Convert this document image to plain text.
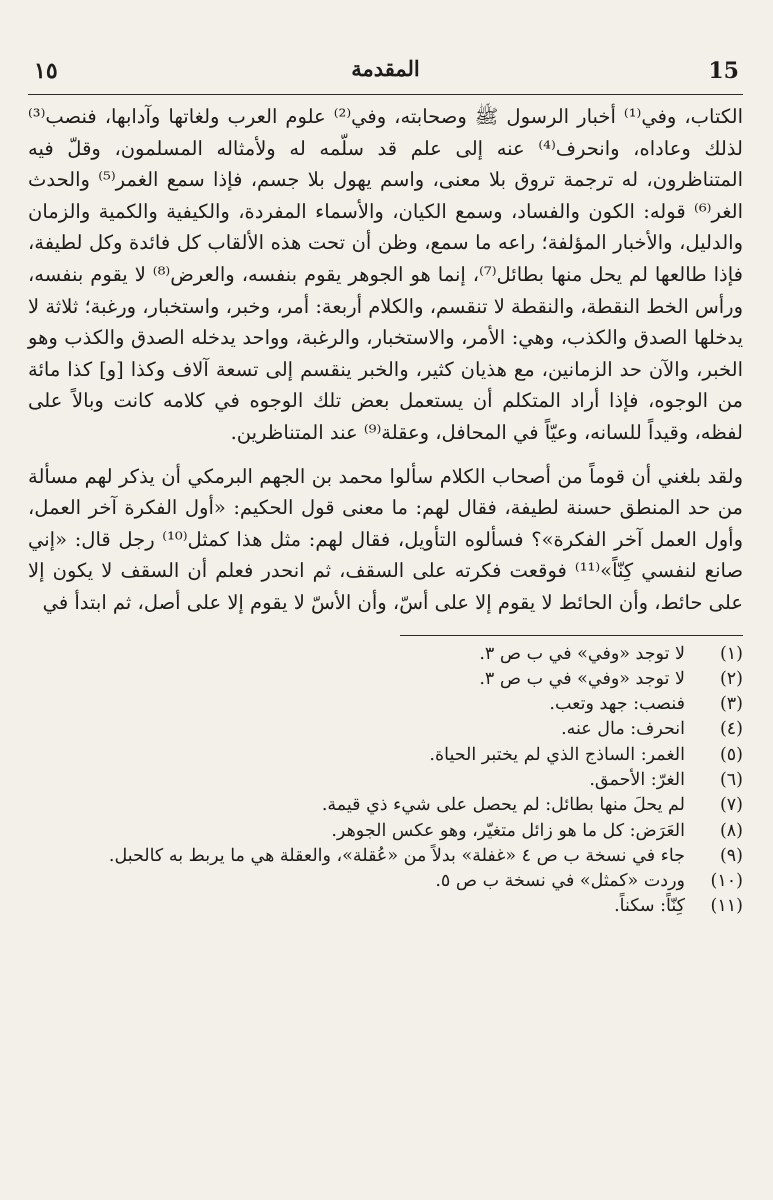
15
المقدمة
١٥

الكتاب، وفي⁽¹⁾ أخبار الرسول ﷺ وصحابته، وفي⁽²⁾ علوم العرب ولغاتها وآدابها، فنصب⁽³⁾ لذلك وعاداه، وانحرف⁽⁴⁾ عنه إلى علم قد سلّمه له ولأمثاله المسلمون، وقلّ فيه المتناظرون، له ترجمة تروق بلا معنى، واسم يهول بلا جسم، فإذا سمع الغمر⁽⁵⁾ والحدث الغر⁽⁶⁾ قوله: الكون والفساد، وسمع الكيان، والأسماء المفردة، والكيفية والكمية والزمان والدليل، والأخبار المؤلفة؛ راعه ما سمع، وظن أن تحت هذه الألقاب كل فائدة وكل لطيفة، فإذا طالعها لم يحل منها بطائل⁽⁷⁾، إنما هو الجوهر يقوم بنفسه، والعرض⁽⁸⁾ لا يقوم بنفسه، ورأس الخط النقطة، والنقطة لا تنقسم، والكلام أربعة: أمر، وخبر، واستخبار، ورغبة؛ ثلاثة لا يدخلها الصدق والكذب، وهي: الأمر، والاستخبار، والرغبة، وواحد يدخله الصدق والكذب وهو الخبر، والآن حد الزمانين، مع هذيان كثير، والخبر ينقسم إلى تسعة آلاف وكذا [و] كذا مائة من الوجوه، فإذا أراد المتكلم أن يستعمل بعض تلك الوجوه في كلامه كانت وبالاً على لفظه، وقيداً للسانه، وعيّاً في المحافل، وعقلة⁽⁹⁾ عند المتناظرين.

ولقد بلغني أن قوماً من أصحاب الكلام سألوا محمد بن الجهم البرمكي أن يذكر لهم مسألة من حد المنطق حسنة لطيفة، فقال لهم: ما معنى قول الحكيم: «أول الفكرة آخر العمل، وأول العمل آخر الفكرة»؟ فسألوه التأويل، فقال لهم: مثل هذا كمثل⁽¹⁰⁾ رجل قال: «إني صانع لنفسي كِنّاً»⁽¹¹⁾ فوقعت فكرته على السقف، ثم انحدر فعلم أن السقف لا يكون إلا على حائط، وأن الحائط لا يقوم إلا على أسّ، وأن الأسّ لا يقوم إلا على أصل، ثم ابتدأ في

(١)
لا توجد «وفي» في ب ص ٣.
(٢)
لا توجد «وفي» في ب ص ٣.
(٣)
فنصب: جهد وتعب.
(٤)
انحرف: مال عنه.
(٥)
الغمر: الساذج الذي لم يختبر الحياة.
(٦)
الغرّ: الأحمق.
(٧)
لم يحلَ منها بطائل: لم يحصل على شيء ذي قيمة.
(٨)
العَرَض: كل ما هو زائل متغيّر، وهو عكس الجوهر.
(٩)
جاء في نسخة ب ص ٤ «غفلة» بدلاً من «عُقلة»، والعقلة هي ما يربط به كالحبل.
(١٠)
وردت «كمثل» في نسخة ب ص ٥.
(١١)
كِنّاً: سكناً.
